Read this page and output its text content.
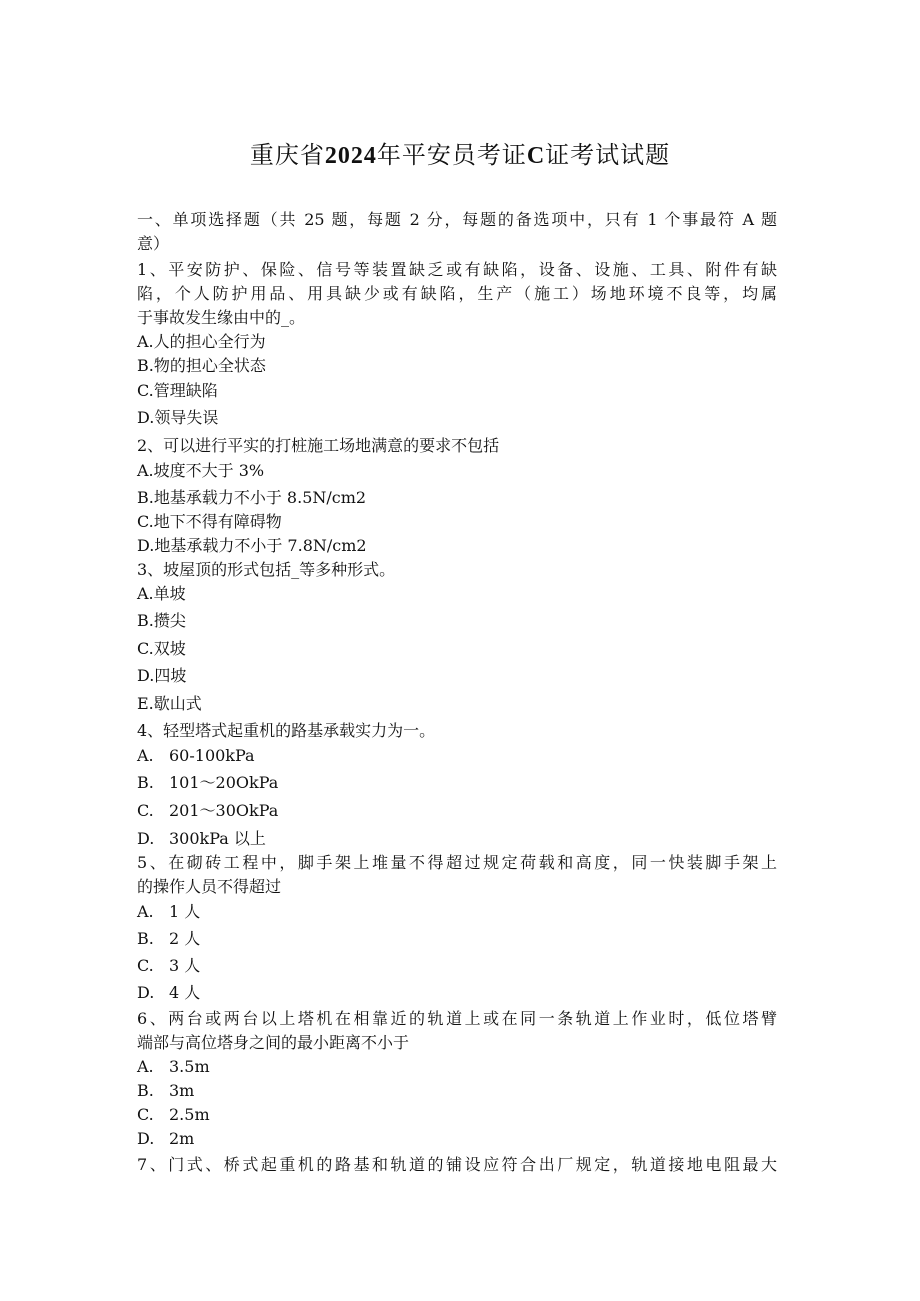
重庆省2024年平安员考证C证考试试题
一、单项选择题（共 25 题，每题 2 分，每题的备选项中，只有 1 个事最符 A 题
意）
1、平安防护、保险、信号等装置缺乏或有缺陷，设备、设施、工具、附件有缺
陷，个人防护用品、用具缺少或有缺陷，生产（施工）场地环境不良等，均属
于事故发生缘由中的_。
A.人的担心全行为
B.物的担心全状态
C.管理缺陷
D.领导失误
2、可以进行平实的打桩施工场地满意的要求不包括
A.坡度不大于 3%
B.地基承载力不小于 8.5N∕cm2
C.地下不得有障碍物
D.地基承载力不小于 7.8N∕cm2
3、坡屋顶的形式包括_等多种形式。
A.单坡
B.攒尖
C.双坡
D.四坡
E.歇山式
4、轻型塔式起重机的路基承载实力为一。
A. 60-100kPa
B. 101～20OkPa
C. 201～30OkPa
D. 300kPa 以上
5、在砌砖工程中，脚手架上堆量不得超过规定荷载和高度，同一快装脚手架上
的操作人员不得超过
A. 1 人
B. 2 人
C. 3 人
D. 4 人
6、两台或两台以上塔机在相靠近的轨道上或在同一条轨道上作业时，低位塔臂
端部与高位塔身之间的最小距离不小于
A. 3.5m
B. 3m
C. 2.5m
D. 2m
7、门式、桥式起重机的路基和轨道的铺设应符合出厂规定，轨道接地电阻最大
